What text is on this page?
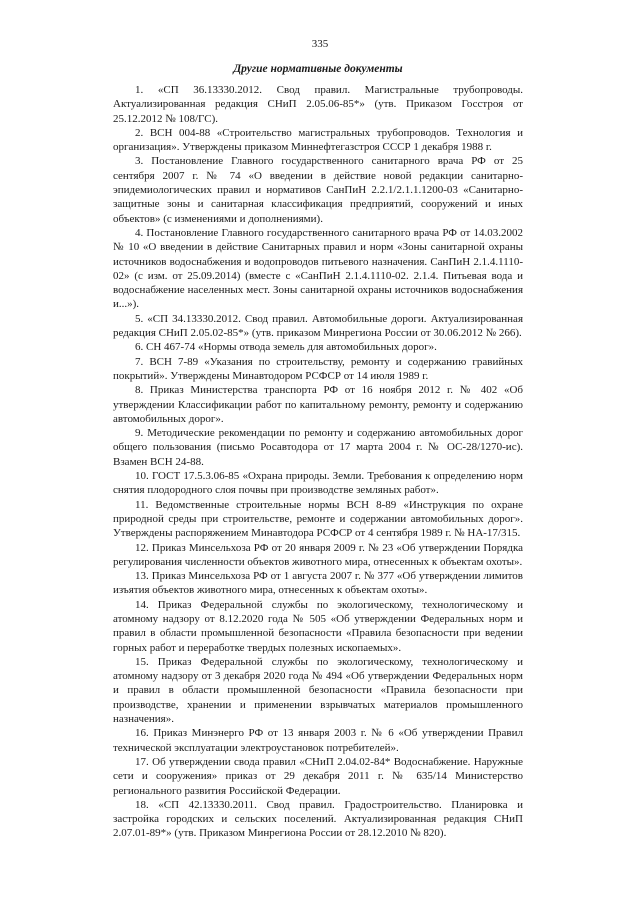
335
Другие нормативные документы

1. «СП 36.13330.2012. Свод правил. Магистральные трубопроводы. Актуализированная редакция СНиП 2.05.06-85*» (утв. Приказом Госстроя от 25.12.2012 № 108/ГС).

2. ВСН 004-88 «Строительство магистральных трубопроводов. Технология и организация». Утверждены приказом Миннефтегазстроя СССР 1 декабря 1988 г.

3. Постановление Главного государственного санитарного врача РФ от 25 сентября 2007 г. № 74 «О введении в действие новой редакции санитарно-эпидемиологических правил и нормативов СанПиН 2.2.1/2.1.1.1200-03 «Санитарно-защитные зоны и санитарная классификация предприятий, сооружений и иных объектов» (с изменениями и дополнениями).

4. Постановление Главного государственного санитарного врача РФ от 14.03.2002 № 10 «О введении в действие Санитарных правил и норм «Зоны санитарной охраны источников водоснабжения и водопроводов питьевого назначения. СанПиН 2.1.4.1110-02» (с изм. от 25.09.2014) (вместе с «СанПиН 2.1.4.1110-02. 2.1.4. Питьевая вода и водоснабжение населенных мест. Зоны санитарной охраны источников водоснабжения и...»).

5. «СП 34.13330.2012. Свод правил. Автомобильные дороги. Актуализированная редакция СНиП 2.05.02-85*» (утв. приказом Минрегиона России от 30.06.2012 № 266).

6. СН 467-74 «Нормы отвода земель для автомобильных дорог».

7. ВСН 7-89 «Указания по строительству, ремонту и содержанию гравийных покрытий». Утверждены Минавтодором РСФСР от 14 июля 1989 г.

8. Приказ Министерства транспорта РФ от 16 ноября 2012 г. № 402 «Об утверждении Классификации работ по капитальному ремонту, ремонту и содержанию автомобильных дорог».

9. Методические рекомендации по ремонту и содержанию автомобильных дорог общего пользования (письмо Росавтодора от 17 марта 2004 г. № ОС-28/1270-ис). Взамен ВСН 24-88.

10. ГОСТ 17.5.3.06-85 «Охрана природы. Земли. Требования к определению норм снятия плодородного слоя почвы при производстве земляных работ».

11. Ведомственные строительные нормы ВСН 8-89 «Инструкция по охране природной среды при строительстве, ремонте и содержании автомобильных дорог». Утверждены распоряжением Минавтодора РСФСР от 4 сентября 1989 г. № НА-17/315.

12. Приказ Минсельхоза РФ от 20 января 2009 г. № 23 «Об утверждении Порядка регулирования численности объектов животного мира, отнесенных к объектам охоты».

13. Приказ Минсельхоза РФ от 1 августа 2007 г. № 377 «Об утверждении лимитов изъятия объектов животного мира, отнесенных к объектам охоты».

14. Приказ Федеральной службы по экологическому, технологическому и атомному надзору от 8.12.2020 года № 505 «Об утверждении Федеральных норм и правил в области промышленной безопасности «Правила безопасности при ведении горных работ и переработке твердых полезных ископаемых».

15. Приказ Федеральной службы по экологическому, технологическому и атомному надзору от 3 декабря 2020 года № 494 «Об утверждении Федеральных норм и правил в области промышленной безопасности «Правила безопасности при производстве, хранении и применении взрывчатых материалов промышленного назначения».

16. Приказ Минэнерго РФ от 13 января 2003 г. № 6 «Об утверждении Правил технической эксплуатации электроустановок потребителей».

17. Об утверждении свода правил «СНиП 2.04.02-84* Водоснабжение. Наружные сети и сооружения» приказ от 29 декабря 2011 г. № 635/14 Министерство регионального развития Российской Федерации.

18. «СП 42.13330.2011. Свод правил. Градостроительство. Планировка и застройка городских и сельских поселений. Актуализированная редакция СНиП 2.07.01-89*» (утв. Приказом Минрегиона России от 28.12.2010 № 820).
